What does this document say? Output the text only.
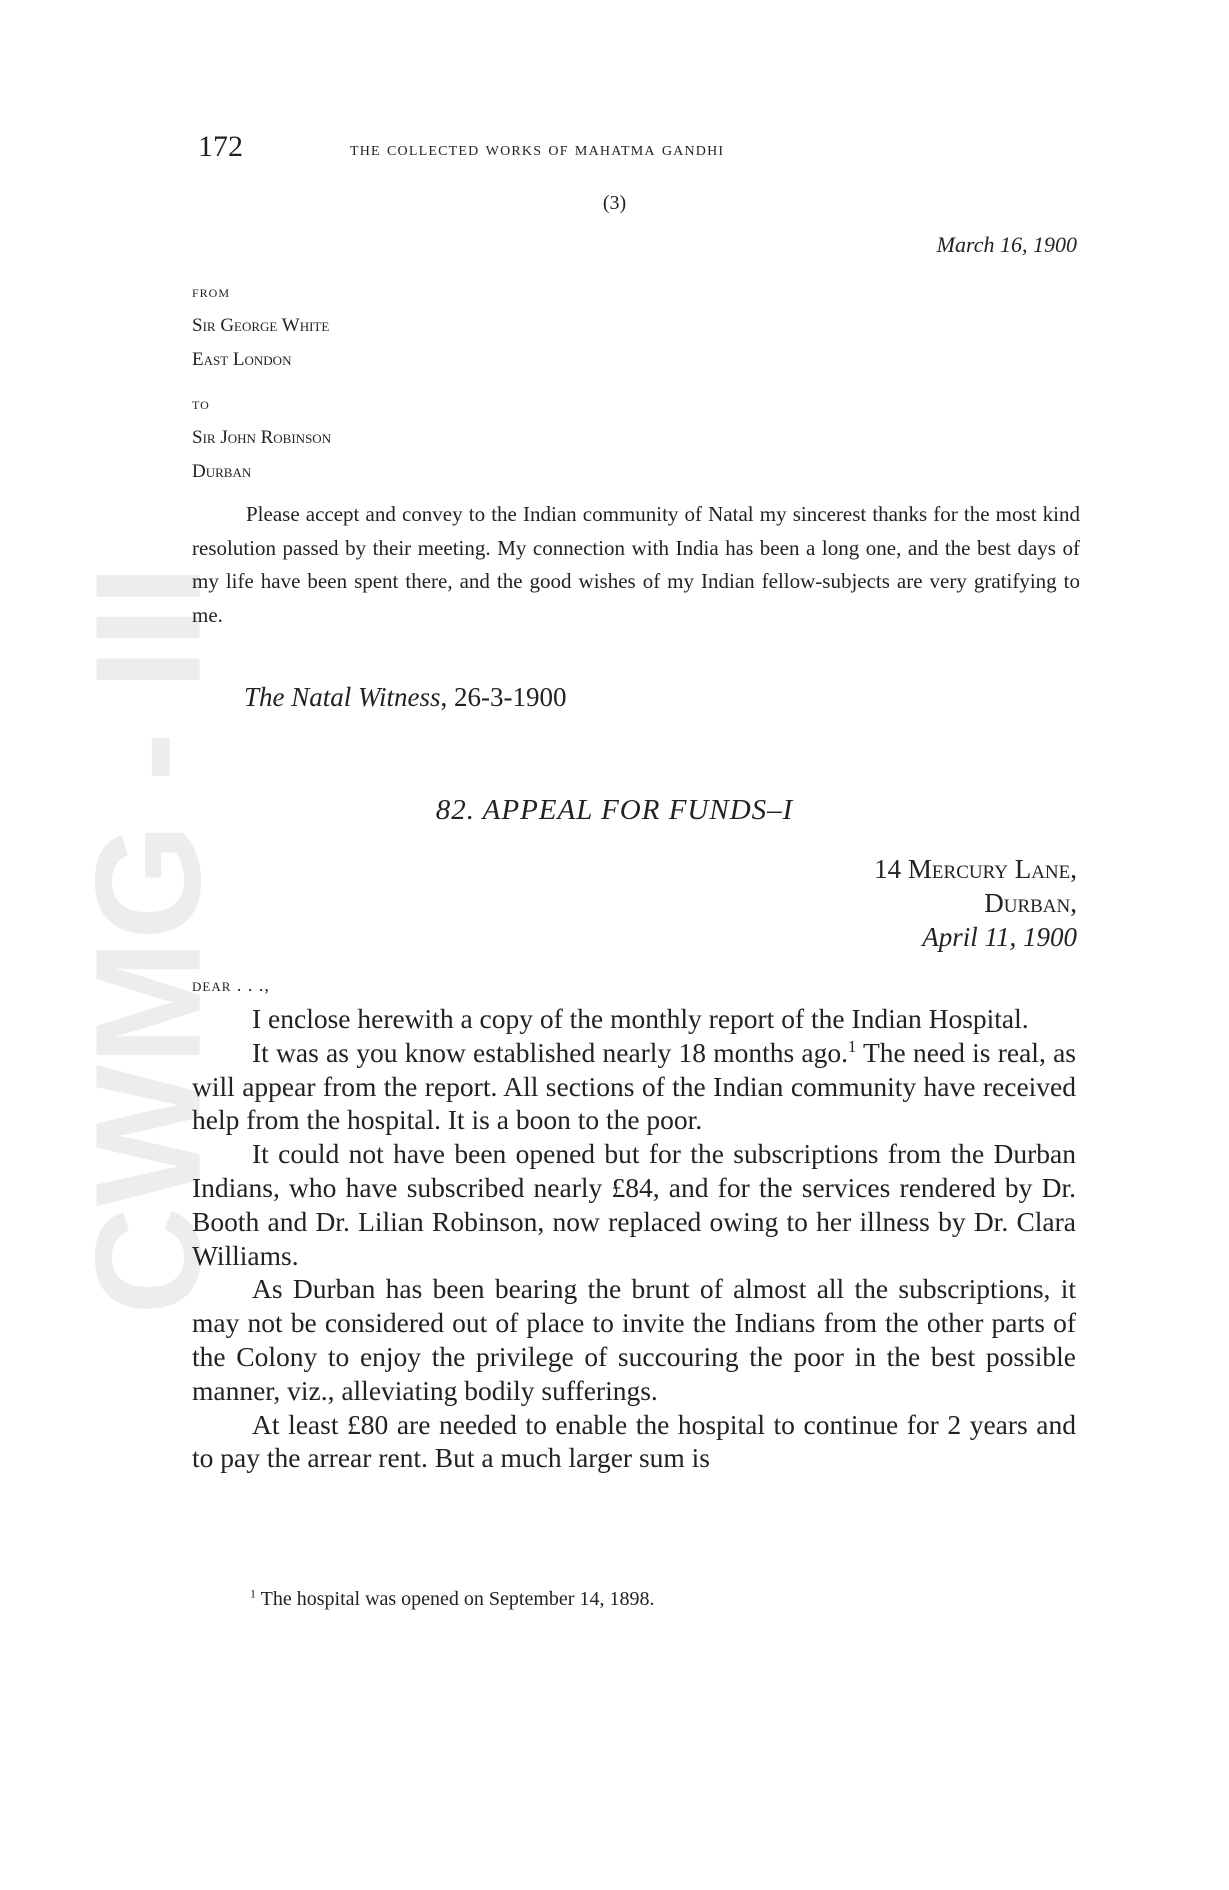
CWMG III
172	the collected works of mahatma gandhi
(3)
March 16, 1900
from
Sir George White
East London
to
Sir John Robinson
Durban

Please accept and convey to the Indian community of Natal my sincerest thanks for the most kind resolution passed by their meeting. My connection with India has been a long one, and the best days of my life have been spent there, and the good wishes of my Indian fellow-subjects are very gratifying to me.

The Natal Witness, 26-3-1900
82. APPEAL FOR FUNDS–I
14 Mercury Lane,
Durban,
April 11, 1900
dear . . .,

I enclose herewith a copy of the monthly report of the Indian Hospital.

It was as you know established nearly 18 months ago.$^1$ The need is real, as will appear from the report. All sections of the Indian community have received help from the hospital. It is a boon to the poor.

It could not have been opened but for the subscriptions from the Durban Indians, who have subscribed nearly £84, and for the services rendered by Dr. Booth and Dr. Lilian Robinson, now replaced owing to her illness by Dr. Clara Williams.

As Durban has been bearing the brunt of almost all the subscriptions, it may not be considered out of place to invite the Indians from the other parts of the Colony to enjoy the privilege of succouring the poor in the best possible manner, viz., alleviating bodily sufferings.

At least £80 are needed to enable the hospital to continue for 2 years and to pay the arrear rent. But a much larger sum is

$^1$ The hospital was opened on September 14, 1898.
